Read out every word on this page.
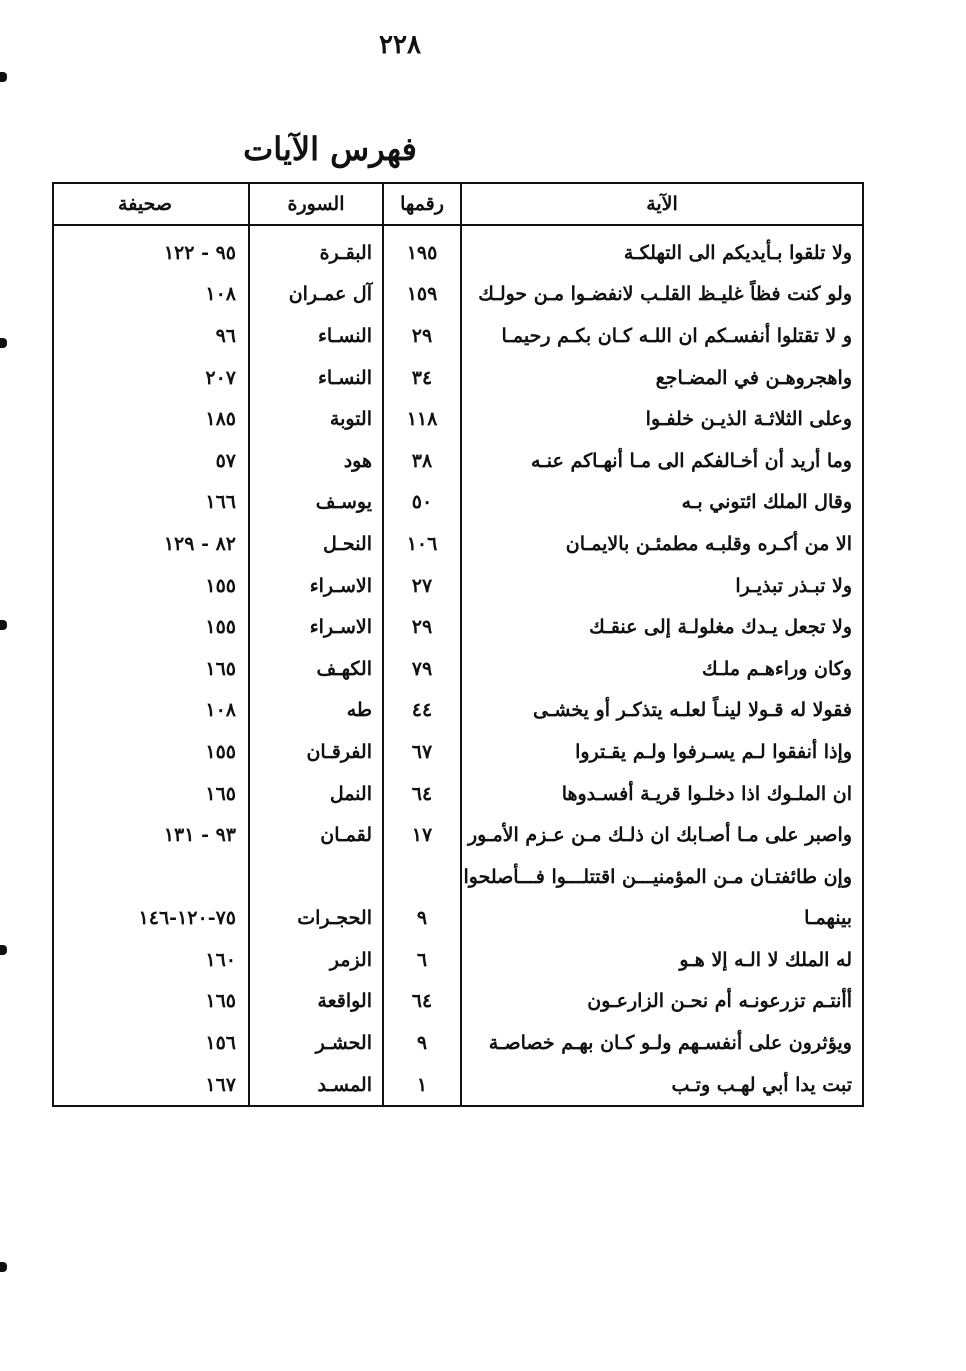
٢٢٨
فهرس الآيات
الآية	رقمها	السورة	صحيفة
ولا تلقوا بـأيديكم الى التهلكـة	١٩٥	البقـرة	٩٥ - ١٢٢
ولو كنت فظاً غليـظ القلـب لانفضـوا مـن حولـك	١٥٩	آل عمـران	١٠٨
و لا تقتلوا أنفسـكم ان اللـه كـان بكـم رحيمـا	٢٩	النسـاء	٩٦
واهجروهـن في المضـاجع	٣٤	النسـاء	٢٠٧
وعلى الثلاثـة الذيـن خلفـوا	١١٨	التوبة	١٨٥
وما أريد أن أخـالفكم الى مـا أنهـاكم عنـه	٣٨	هود	٥٧
وقال الملك ائتوني بـه	٥٠	يوسـف	١٦٦
الا من أكـره وقلبـه مطمئـن بالايمـان	١٠٦	النحـل	٨٢ - ١٢٩
ولا تبـذر تبذيـرا	٢٧	الاسـراء	١٥٥
ولا تجعل يـدك مغلولـة إلى عنقـك	٢٩	الاسـراء	١٥٥
وكان وراءهـم ملـك	٧٩	الكهـف	١٦٥
فقولا له قـولا لينـاً لعلـه يتذكـر أو يخشـى	٤٤	طه	١٠٨
وإذا أنفقوا لـم يسـرفوا ولـم يقـتروا	٦٧	الفرقـان	١٥٥
ان الملـوك اذا دخلـوا قريـة أفسـدوها	٦٤	النمل	١٦٥
واصبر على مـا أصـابك ان ذلـك مـن عـزم الأمـور	١٧	لقمـان	٩٣ - ١٣١
وإن طائفتـان مـن المؤمنيـــن اقتتلـــوا فـــأصلحوا			
بينهمـا	٩	الحجـرات	٧٥-١٢٠-١٤٦
له الملك لا الـه إلا هـو	٦	الزمر	١٦٠
أأنتـم تزرعونـه أم نحـن الزارعـون	٦٤	الواقعة	١٦٥
ويؤثرون على أنفسـهم ولـو كـان بهـم خصاصـة	٩	الحشـر	١٥٦
تبت يدا أبي لهـب وتـب	١	المسـد	١٦٧
